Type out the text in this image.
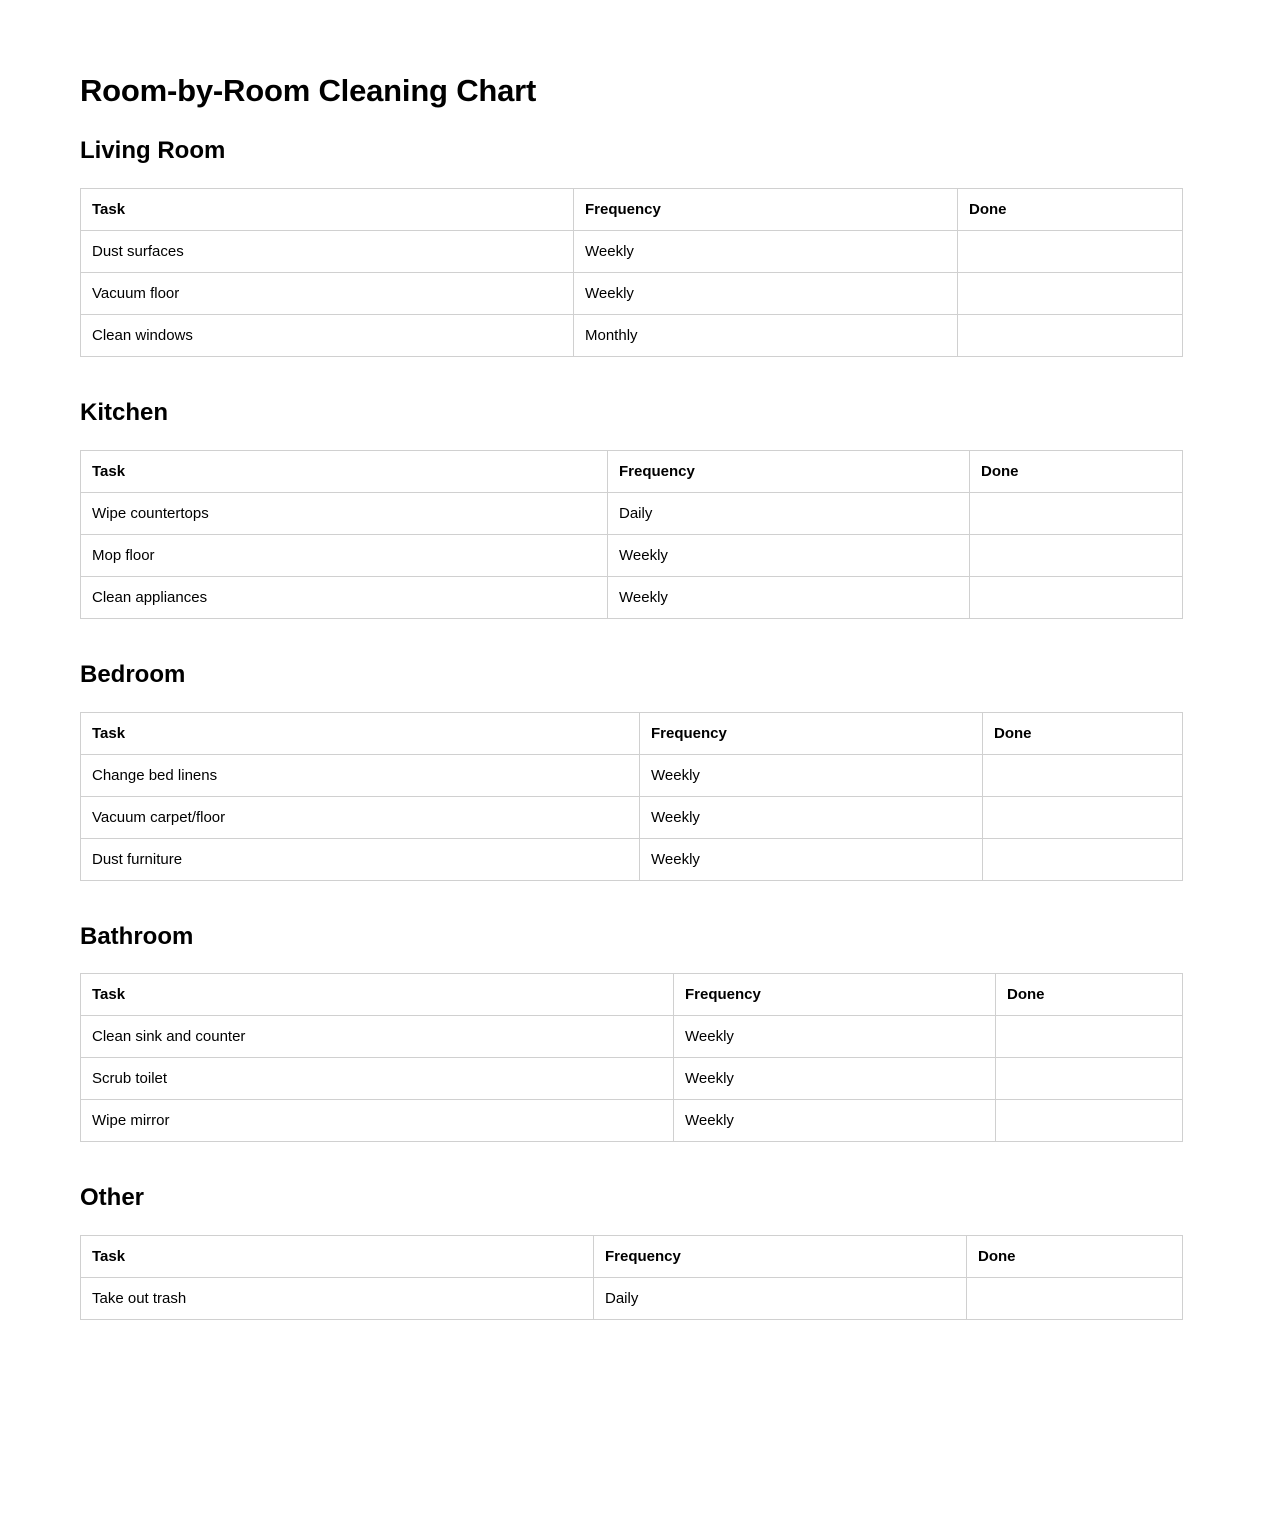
Room-by-Room Cleaning Chart
Living Room
Task	Frequency	Done
Dust surfaces	Weekly	
Vacuum floor	Weekly	
Clean windows	Monthly	
Kitchen
Task	Frequency	Done
Wipe countertops	Daily	
Mop floor	Weekly	
Clean appliances	Weekly	
Bedroom
Task	Frequency	Done
Change bed linens	Weekly	
Vacuum carpet/floor	Weekly	
Dust furniture	Weekly	
Bathroom
Task	Frequency	Done
Clean sink and counter	Weekly	
Scrub toilet	Weekly	
Wipe mirror	Weekly	
Other
Task	Frequency	Done
Take out trash	Daily	
